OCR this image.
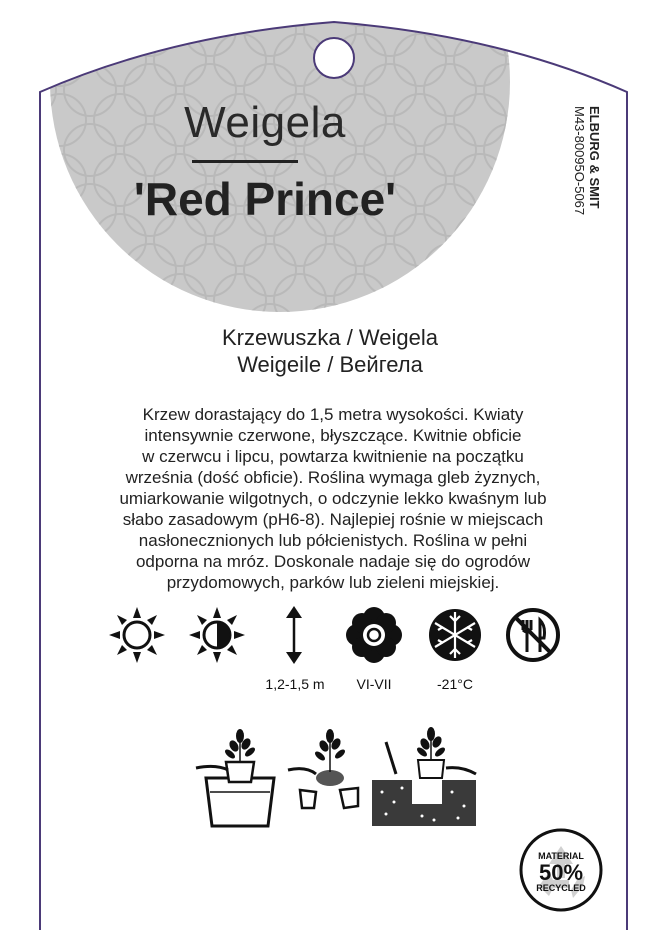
Weigela
'Red Prince'	ELBURG & SMIT
M43-80095O-5067
Krzewuszka / Weigela
Weigeile / Вейгела
Krzew dorastający do 1,5 metra wysokości. Kwiaty
intensywnie czerwone, błyszczące. Kwitnie obficie
w czerwcu i lipcu, powtarza kwitnienie na początku
września (dość obficie). Roślina wymaga gleb żyznych,
umiarkowanie wilgotnych, o odczynie lekko kwaśnym lub
słabo zasadowym (pH6-8). Najlepiej rośnie w miejscach
nasłonecznionych lub półcienistych. Roślina w pełni
odporna na mróz. Doskonale nadaje się do ogrodów
przydomowych, parków lub zieleni miejskiej.
1,2-1,5 m	VI-VII	-21°C
MATERIAL
50%
RECYCLED
